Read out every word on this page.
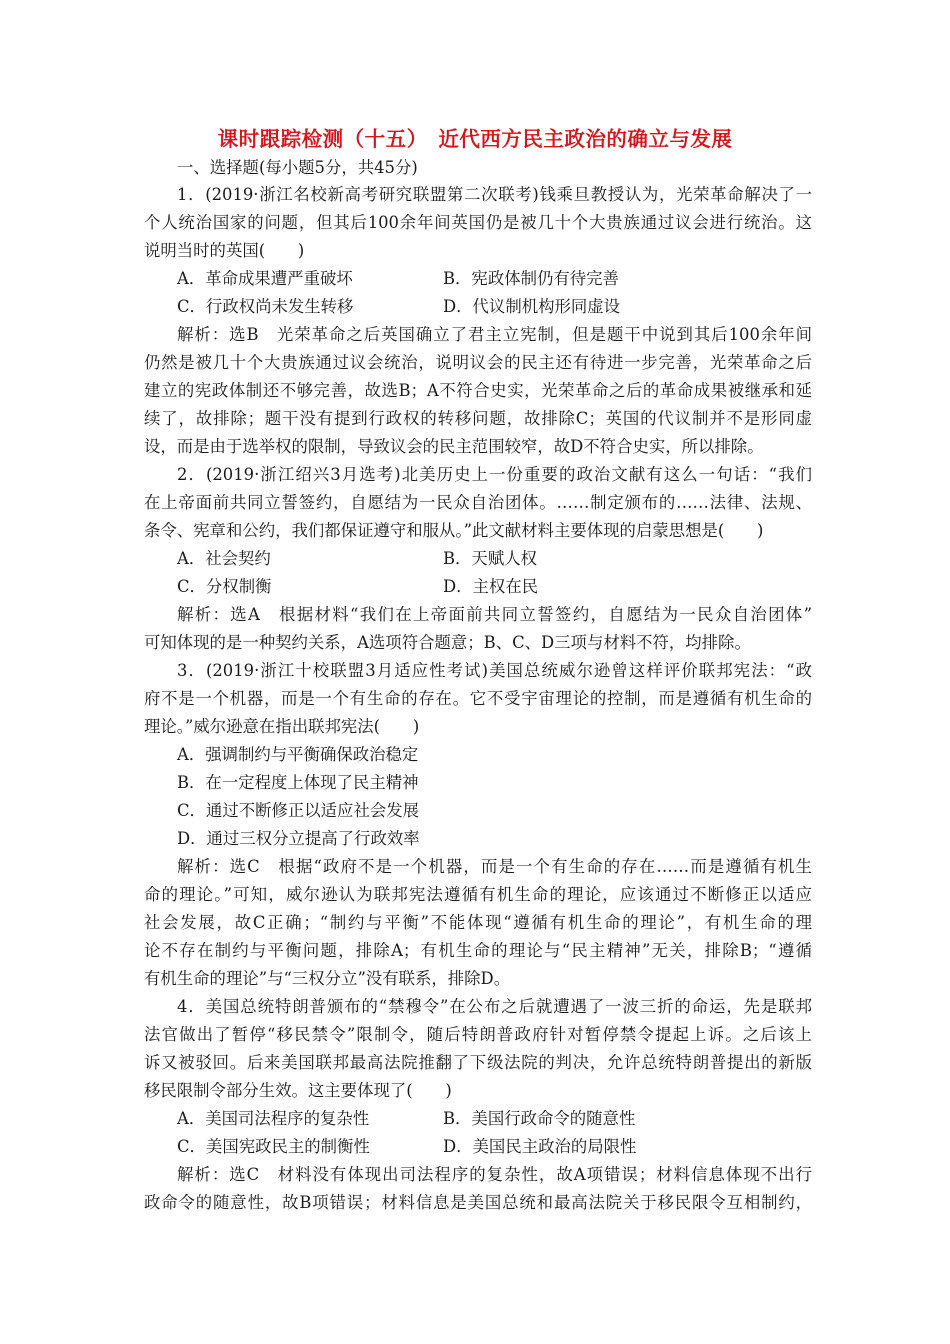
课时跟踪检测（十五）　近代西方民主政治的确立与发展
一、选择题(每小题5分，共45分)
1．(2019·浙江名校新高考研究联盟第二次联考)钱乘旦教授认为，光荣革命解决了一
个人统治国家的问题，但其后100余年间英国仍是被几十个大贵族通过议会进行统治。这
说明当时的英国(　　)
A．革命成果遭严重破坏	B．宪政体制仍有待完善
C．行政权尚未发生转移	D．代议制机构形同虚设
解析：选B　光荣革命之后英国确立了君主立宪制，但是题干中说到其后100余年间
仍然是被几十个大贵族通过议会统治，说明议会的民主还有待进一步完善，光荣革命之后
建立的宪政体制还不够完善，故选B；A不符合史实，光荣革命之后的革命成果被继承和延
续了，故排除；题干没有提到行政权的转移问题，故排除C；英国的代议制并不是形同虚
设，而是由于选举权的限制，导致议会的民主范围较窄，故D不符合史实，所以排除。
2．(2019·浙江绍兴3月选考)北美历史上一份重要的政治文献有这么一句话：“我们
在上帝面前共同立誓签约，自愿结为一民众自治团体。……制定颁布的……法律、法规、
条令、宪章和公约，我们都保证遵守和服从。”此文献材料主要体现的启蒙思想是(　　)
A．社会契约	B．天赋人权
C．分权制衡	D．主权在民
解析：选A　根据材料“我们在上帝面前共同立誓签约，自愿结为一民众自治团体”
可知体现的是一种契约关系，A选项符合题意；B、C、D三项与材料不符，均排除。
3．(2019·浙江十校联盟3月适应性考试)美国总统威尔逊曾这样评价联邦宪法：“政
府不是一个机器，而是一个有生命的存在。它不受宇宙理论的控制，而是遵循有机生命的
理论。”威尔逊意在指出联邦宪法(　　)
A．强调制约与平衡确保政治稳定
B．在一定程度上体现了民主精神
C．通过不断修正以适应社会发展
D．通过三权分立提高了行政效率
解析：选C　根据“政府不是一个机器，而是一个有生命的存在……而是遵循有机生
命的理论。”可知，威尔逊认为联邦宪法遵循有机生命的理论，应该通过不断修正以适应
社会发展，故C正确；“制约与平衡”不能体现“遵循有机生命的理论”，有机生命的理
论不存在制约与平衡问题，排除A；有机生命的理论与“民主精神”无关，排除B；“遵循
有机生命的理论”与“三权分立”没有联系，排除D。
4．美国总统特朗普颁布的“禁穆令”在公布之后就遭遇了一波三折的命运，先是联邦
法官做出了暂停“移民禁令”限制令，随后特朗普政府针对暂停禁令提起上诉。之后该上
诉又被驳回。后来美国联邦最高法院推翻了下级法院的判决，允许总统特朗普提出的新版
移民限制令部分生效。这主要体现了(　　)
A．美国司法程序的复杂性	B．美国行政命令的随意性
C．美国宪政民主的制衡性	D．美国民主政治的局限性
解析：选C　材料没有体现出司法程序的复杂性，故A项错误；材料信息体现不出行
政命令的随意性，故B项错误；材料信息是美国总统和最高法院关于移民限令互相制约，
